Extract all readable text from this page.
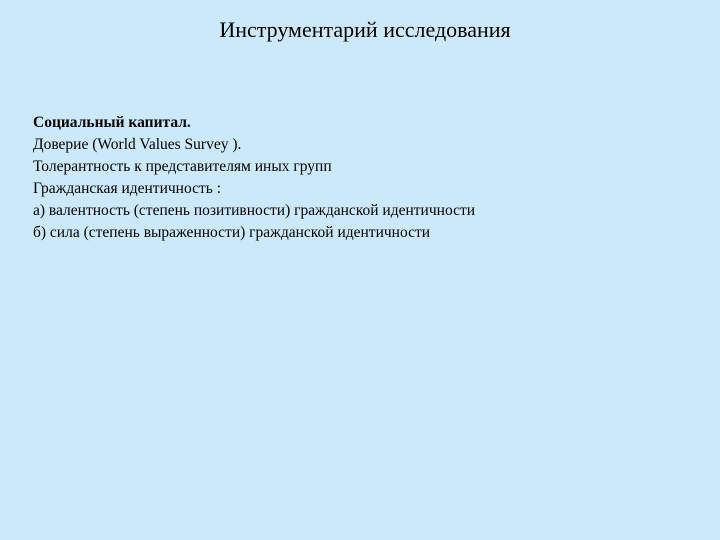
Инструментарий исследования
Социальный капитал.
Доверие (World Values Survey ).
Толерантность к представителям иных групп
Гражданская идентичность :
а) валентность (степень позитивности) гражданской идентичности
б) сила (степень выраженности) гражданской идентичности
